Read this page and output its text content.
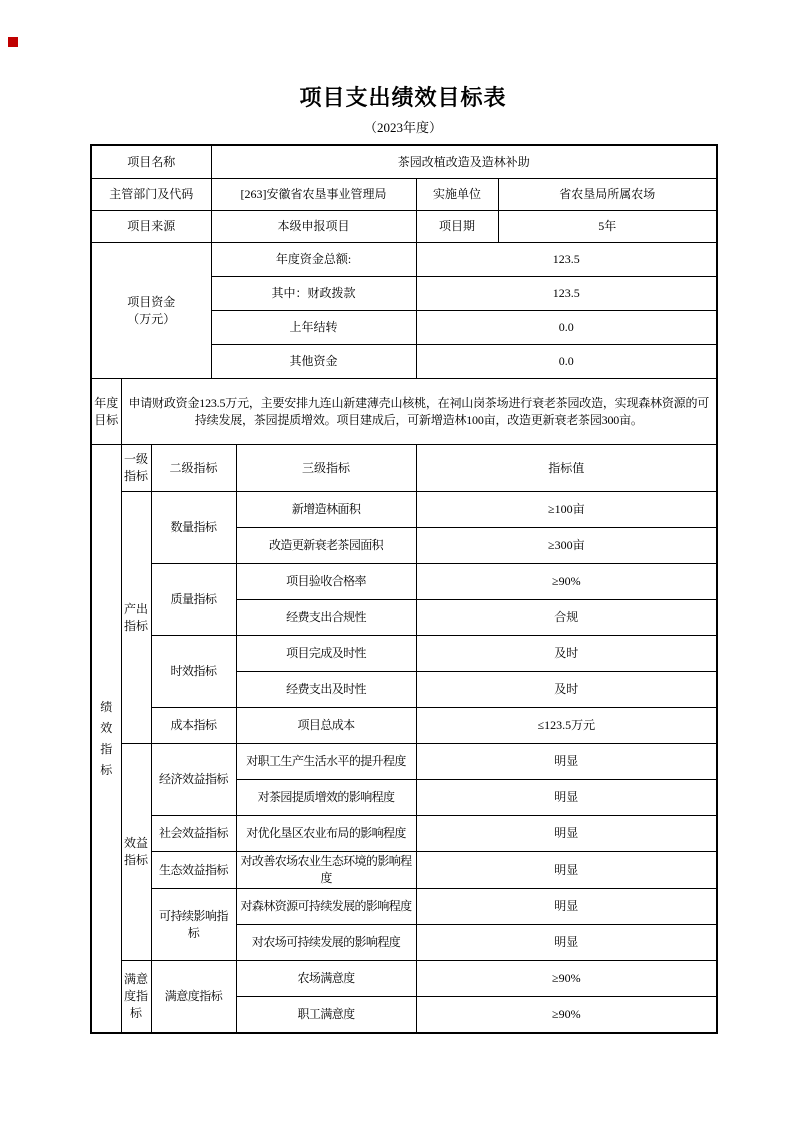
项目支出绩效目标表
（2023年度）
项目名称			茶园改植改造及造林补助			
主管部门及代码			[263]安徽省农垦事业管理局		实施单位	省农垦局所属农场
项目来源			本级申报项目		项目期	5年

项目资金
（万元）			年度资金总额:		123.5	
			其中：财政拨款		123.5	
			上年结转		0.0	
			其他资金		0.0	
年度目标	申请财政资金123.5万元，主要安排九连山新建薄壳山核桃，在祠山岗茶场进行衰老茶园改造，实现森林资源的可持续发展，茶园提质增效。项目建成后，可新增造林100亩，改造更新衰老茶园300亩。					

绩效指标	一级指标	二级指标		三级指标	指标值	
	产出指标	数量指标		新增造林面积	≥100亩	
				改造更新衰老茶园面积	≥300亩	
		质量指标		项目验收合格率	≥90%	
				经费支出合规性	合规	
		时效指标		项目完成及时性	及时	
				经费支出及时性	及时	
		成本指标		项目总成本	≤123.5万元	
	效益指标	经济效益指标		对职工生产生活水平的提升程度	明显	
				对茶园提质增效的影响程度	明显	
		社会效益指标		对优化垦区农业布局的影响程度	明显	
		生态效益指标		对改善农场农业生态环境的影响程度	明显	
		可持续影响指标		对森林资源可持续发展的影响程度	明显	
				对农场可持续发展的影响程度	明显	
	满意度指标	满意度指标		农场满意度	≥90%	
				职工满意度	≥90%	
